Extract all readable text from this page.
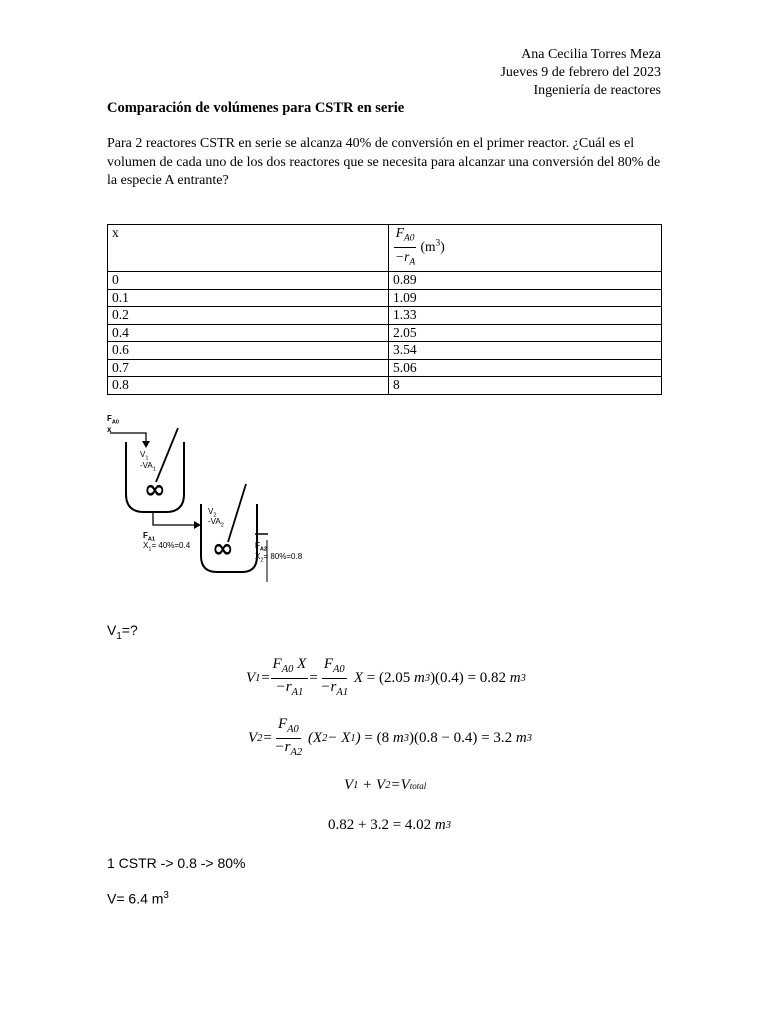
Ana Cecilia Torres Meza
Jueves 9 de febrero del 2023
Ingeniería de reactores
Comparación de volúmenes para CSTR en serie
Para 2 reactores CSTR en serie se alcanza 40% de conversión en el primer reactor. ¿Cuál es el volumen de cada uno de los dos reactores que se necesita para alcanzar una conversión del 80% de la especie A entrante?
x	$\frac{F_{A0}}{-r_A} (m^3)$
0	0.89
0.1	1.09
0.2	1.33
0.4	2.05
0.6	3.54
0.7	5.06
0.8	8
∞
∞
$F_{A0}$
x
$V_1$
$-VA_1$
$F_{A1}$
$X_1= 40\%=0.4$
$V_2$
$-VA_2$
$F_{A2}$
$X_2= 80\%=0.8$
$V_1=$?
V $1 = \frac{F_{A0} X}{-r_{A1}} = \frac{F_{A0}}{-r_{A1}}$ X = (2.05 m 3 )(0.4)
= 0.82 m 3
V $2 = \frac{F_{A0}}{-r_{A2}} (X$ 2 − X 1 ) = (8 m 3 )(0.8 − 0.4)
= 3.2 m 3
V 1 + V 2 =V total
0.82 + 3.2 = 4.02 m 3
1 CSTR -> 0.8 -> 80%
V= 6.4 $m^3$
